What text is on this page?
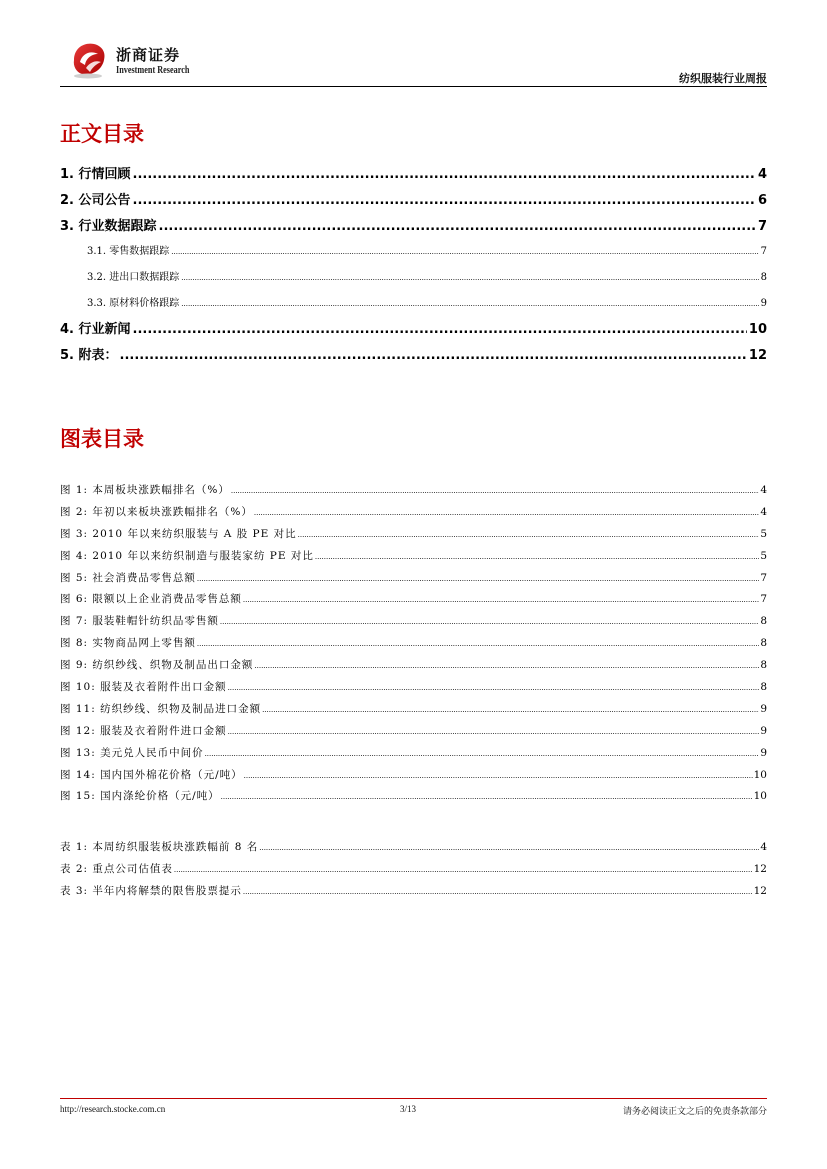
浙商证券
Investment Research
纺织服装行业周报
正文目录
1. 行情回顾 .....	4
2. 公司公告 .....	6
3. 行业数据跟踪 .....	7
3.1. 零售数据跟踪 .....	7
3.2. 进出口数据跟踪 .....	8
3.3. 原材料价格跟踪 .....	9
4. 行业新闻 .....	10
5. 附表： .....	12
图表目录
图 1: 本周板块涨跌幅排名（%） .....	4
图 2: 年初以来板块涨跌幅排名（%） .....	4
图 3: 2010 年以来纺织服装与 A 股 PE 对比 .....	5
图 4: 2010 年以来纺织制造与服装家纺 PE 对比 .....	5
图 5: 社会消费品零售总额 .....	7
图 6: 限额以上企业消费品零售总额 .....	7
图 7: 服装鞋帽针纺织品零售额 .....	8
图 8: 实物商品网上零售额 .....	8
图 9: 纺织纱线、织物及制品出口金额 .....	8
图 10: 服装及衣着附件出口金额 .....	8
图 11: 纺织纱线、织物及制品进口金额 .....	9
图 12: 服装及衣着附件进口金额 .....	9
图 13: 美元兑人民币中间价 .....	9
图 14: 国内国外棉花价格（元/吨） .....	10
图 15: 国内涤纶价格（元/吨） .....	10
表 1: 本周纺织服装板块涨跌幅前 8 名 .....	4
表 2: 重点公司估值表 .....	12
表 3: 半年内将解禁的限售股票提示 .....	12
http://research.stocke.com.cn	3/13	请务必阅读正文之后的免责条款部分
